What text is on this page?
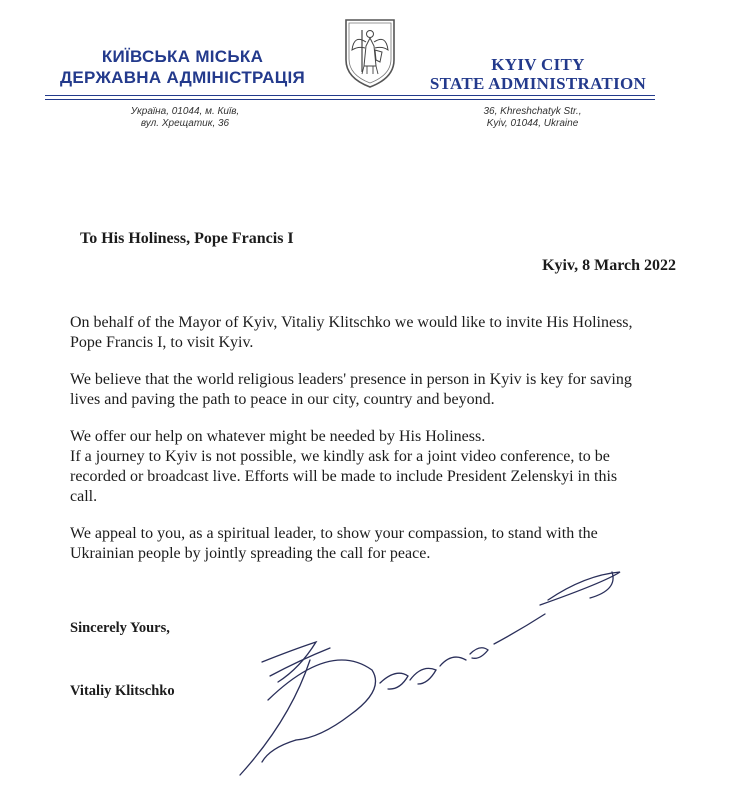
КИЇВСЬКА МІСЬКА
ДЕРЖАВНА АДМІНІСТРАЦІЯ
KYIV CITY
STATE ADMINISTRATION
Україна, 01044, м. Київ,
вул. Хрещатик, 36
36, Khreshchatyk Str.,
Kyiv, 01044, Ukraine
To His Holiness, Pope Francis I
Kyiv, 8 March 2022

On behalf of the Mayor of Kyiv, Vitaliy Klitschko we would like to invite His Holiness,
Pope Francis I, to visit Kyiv.

We believe that the world religious leaders' presence in person in Kyiv is key for saving
lives and paving the path to peace in our city, country and beyond.

We offer our help on whatever might be needed by His Holiness.
If a journey to Kyiv is not possible, we kindly ask for a joint video conference, to be
recorded or broadcast live. Efforts will be made to include President Zelenskyi in this
call.

We appeal to you, as a spiritual leader, to show your compassion, to stand with the
Ukrainian people by jointly spreading the call for peace.

Sincerely Yours,
Vitaliy Klitschko
